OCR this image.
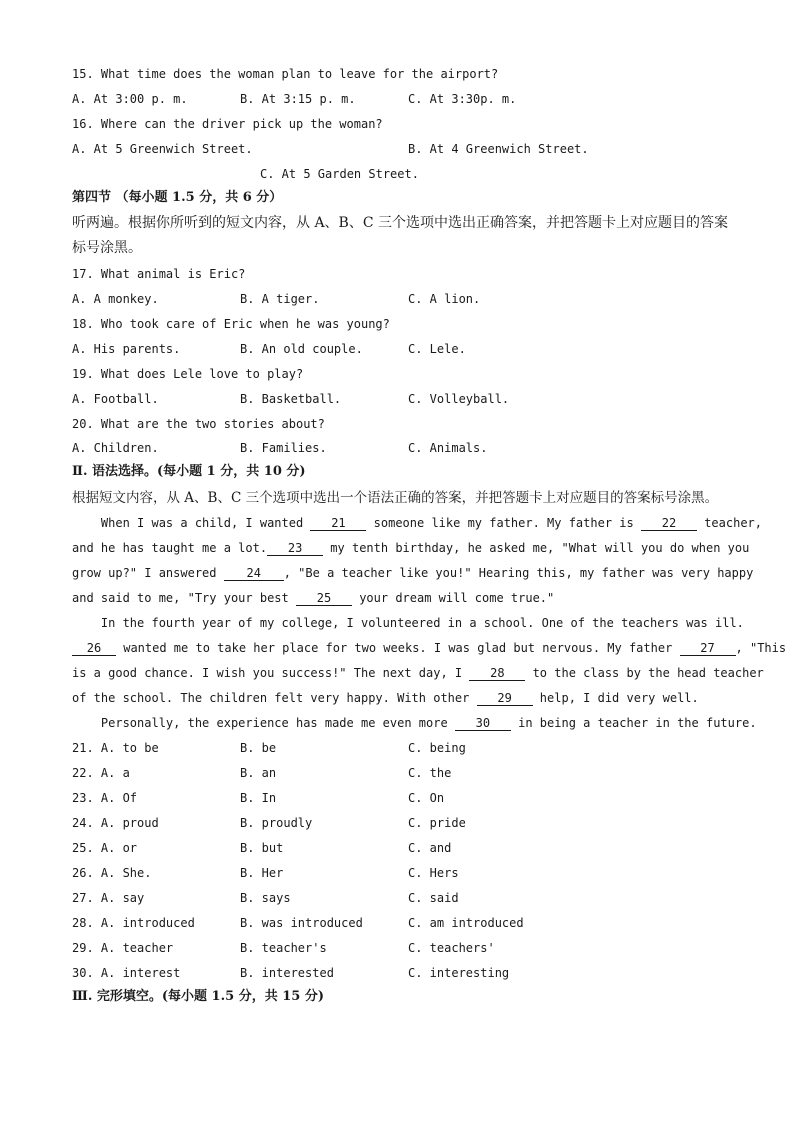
15. What time does the woman plan to leave for the airport?
A. At 3:00 p. m.	B. At 3:15 p. m.	C. At 3:30p. m.
16. Where can the driver pick up the woman?
A. At 5 Greenwich Street.	B. At 4 Greenwich Street.
C. At 5 Garden Street.
第四节 （每小题 1.5 分，共 6 分）
听两遍。根据你所听到的短文内容，从 A、B、C 三个选项中选出正确答案，并把答题卡上对应题目的答案
标号涂黑。
17. What animal is Eric?
A. A monkey.	B. A tiger.	C. A lion.
18. Who took care of Eric when he was young?
A. His parents.	B. An old couple.	C. Lele.
19. What does Lele love to play?
A. Football.	B. Basketball.	C. Volleyball.
20. What are the two stories about?
A. Children.	B. Families.	C. Animals.
Ⅱ. 语法选择。(每小题 1 分，共 10 分)
根据短文内容，从 A、B、C 三个选项中选出一个语法正确的答案，并把答题卡上对应题目的答案标号涂黑。
When I was a child, I wanted 21 someone like my father. My father is 22 teacher,
and he has taught me a lot. 23 my tenth birthday, he asked me, "What will you do when you
grow up?" I answered 24 , "Be a teacher like you!" Hearing this, my father was very happy
and said to me, "Try your best 25 your dream will come true."
In the fourth year of my college, I volunteered in a school. One of the teachers was ill.
26 wanted me to take her place for two weeks. I was glad but nervous. My father 27 , "This
is a good chance. I wish you success!" The next day, I 28 to the class by the head teacher
of the school. The children felt very happy. With other 29 help, I did very well.
Personally, the experience has made me even more 30 in being a teacher in the future.
21. A. to be	B. be	C. being
22. A. a	B. an	C. the
23. A. Of	B. In	C. On
24. A. proud	B. proudly	C. pride
25. A. or	B. but	C. and
26. A. She.	B. Her	C. Hers
27. A. say	B. says	C. said
28. A. introduced	B. was introduced	C. am introduced
29. A. teacher	B. teacher's	C. teachers'
30. A. interest	B. interested	C. interesting
Ⅲ. 完形填空。(每小题 1.5 分，共 15 分)
